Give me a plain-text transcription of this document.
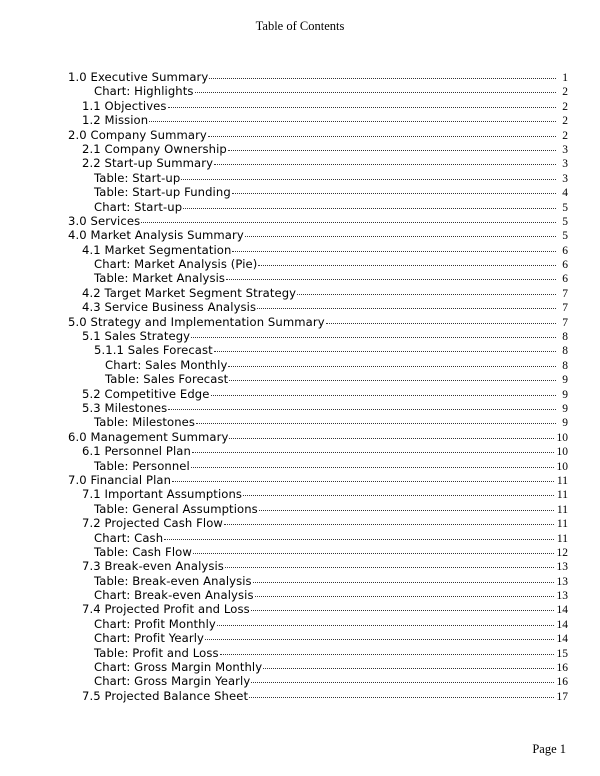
Table of Contents
1.0 Executive Summary	1
Chart: Highlights	2
1.1 Objectives	2
1.2 Mission	2
2.0 Company Summary	2
2.1 Company Ownership	3
2.2 Start-up Summary	3
Table: Start-up	3
Table: Start-up Funding	4
Chart: Start-up	5
3.0 Services	5
4.0 Market Analysis Summary	5
4.1 Market Segmentation	6
Chart: Market Analysis (Pie)	6
Table: Market Analysis	6
4.2 Target Market Segment Strategy	7
4.3 Service Business Analysis	7
5.0 Strategy and Implementation Summary	7
5.1 Sales Strategy	8
5.1.1 Sales Forecast	8
Chart: Sales Monthly	8
Table: Sales Forecast	9
5.2 Competitive Edge	9
5.3 Milestones	9
Table: Milestones	9
6.0 Management Summary	10
6.1 Personnel Plan	10
Table: Personnel	10
7.0 Financial Plan	11
7.1 Important Assumptions	11
Table: General Assumptions	11
7.2 Projected Cash Flow	11
Chart: Cash	11
Table: Cash Flow	12
7.3 Break-even Analysis	13
Table: Break-even Analysis	13
Chart: Break-even Analysis	13
7.4 Projected Profit and Loss	14
Chart: Profit Monthly	14
Chart: Profit Yearly	14
Table: Profit and Loss	15
Chart: Gross Margin Monthly	16
Chart: Gross Margin Yearly	16
7.5 Projected Balance Sheet	17
Page 1
